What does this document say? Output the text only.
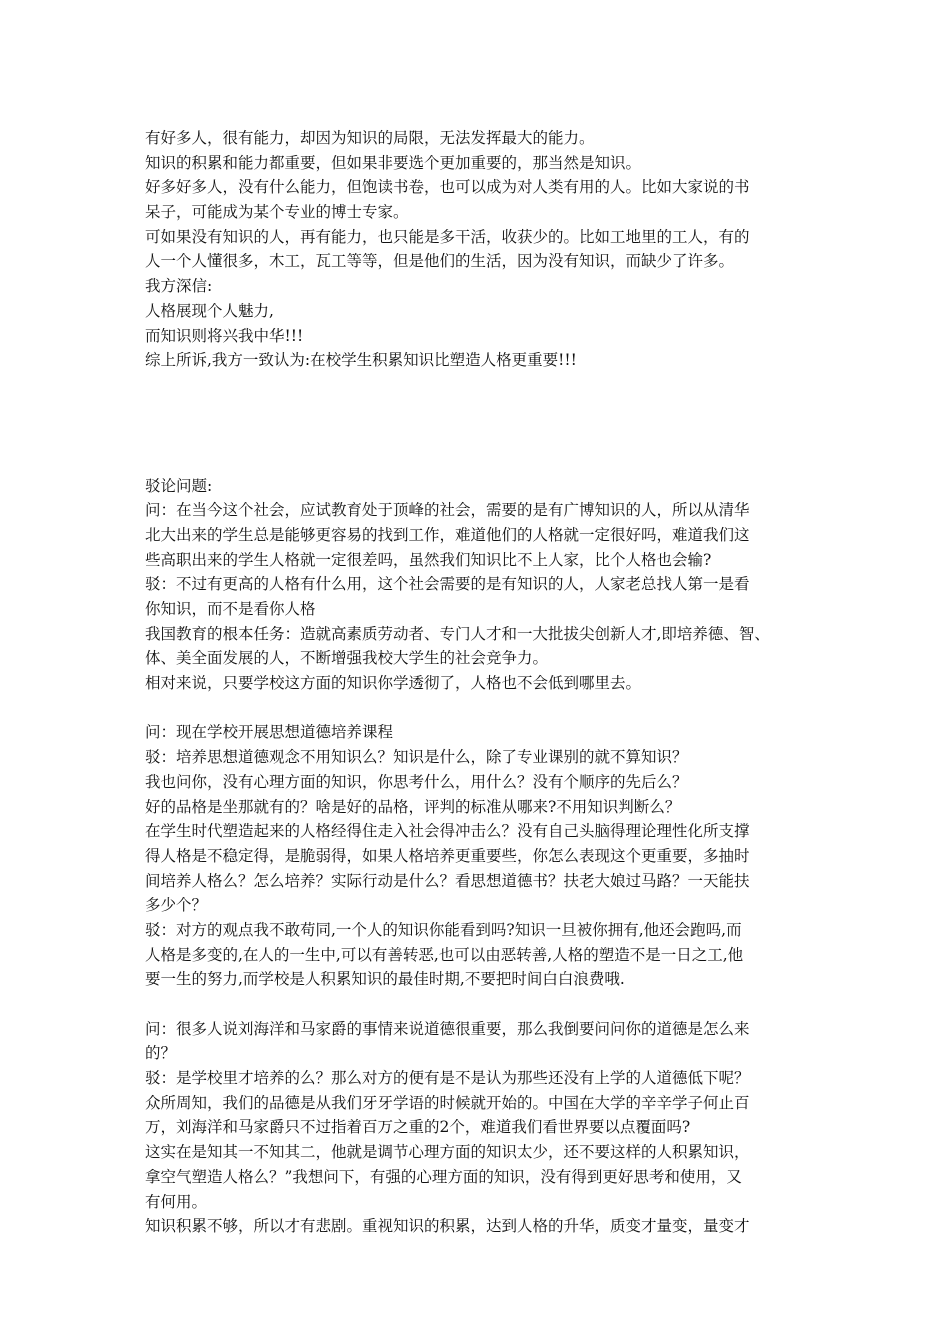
有好多人，很有能力，却因为知识的局限，无法发挥最大的能力。
知识的积累和能力都重要，但如果非要选个更加重要的，那当然是知识。
好多好多人，没有什么能力，但饱读书卷，也可以成为对人类有用的人。比如大家说的书
呆子，可能成为某个专业的博士专家。
可如果没有知识的人，再有能力，也只能是多干活，收获少的。比如工地里的工人，有的
人一个人懂很多，木工，瓦工等等，但是他们的生活，因为没有知识，而缺少了许多。
我方深信:
人格展现个人魅力,
而知识则将兴我中华!!!
综上所诉,我方一致认为:在校学生积累知识比塑造人格更重要!!!
驳论问题:
问：在当今这个社会，应试教育处于顶峰的社会，需要的是有广博知识的人，所以从清华
北大出来的学生总是能够更容易的找到工作，难道他们的人格就一定很好吗，难道我们这
些高职出来的学生人格就一定很差吗，虽然我们知识比不上人家，比个人格也会输?
驳：不过有更高的人格有什么用，这个社会需要的是有知识的人，人家老总找人第一是看
你知识，而不是看你人格
我国教育的根本任务：造就高素质劳动者、专门人才和一大批拔尖创新人才,即培养德、智、
体、美全面发展的人，不断增强我校大学生的社会竞争力。
相对来说，只要学校这方面的知识你学透彻了，人格也不会低到哪里去。
问：现在学校开展思想道德培养课程
驳：培养思想道德观念不用知识么？知识是什么，除了专业课别的就不算知识？
我也问你，没有心理方面的知识，你思考什么，用什么？没有个顺序的先后么？
好的品格是坐那就有的？啥是好的品格，评判的标准从哪来?不用知识判断么？
在学生时代塑造起来的人格经得住走入社会得冲击么？没有自己头脑得理论理性化所支撑
得人格是不稳定得，是脆弱得，如果人格培养更重要些，你怎么表现这个更重要，多抽时
间培养人格么？怎么培养？实际行动是什么？看思想道德书？扶老大娘过马路？一天能扶
多少个？
驳：对方的观点我不敢苟同,一个人的知识你能看到吗?知识一旦被你拥有,他还会跑吗,而
人格是多变的,在人的一生中,可以有善转恶,也可以由恶转善,人格的塑造不是一日之工,他
要一生的努力,而学校是人积累知识的最佳时期,不要把时间白白浪费哦.
问：很多人说刘海洋和马家爵的事情来说道德很重要，那么我倒要问问你的道德是怎么来
的？
驳：是学校里才培养的么？那么对方的便有是不是认为那些还没有上学的人道德低下呢？
众所周知，我们的品德是从我们牙牙学语的时候就开始的。中国在大学的辛辛学子何止百
万，刘海洋和马家爵只不过指着百万之重的2个，难道我们看世界要以点覆面吗?
这实在是知其一不知其二，他就是调节心理方面的知识太少，还不要这样的人积累知识，
拿空气塑造人格么？”我想问下，有强的心理方面的知识，没有得到更好思考和使用，又
有何用。
知识积累不够，所以才有悲剧。重视知识的积累，达到人格的升华，质变才量变，量变才
